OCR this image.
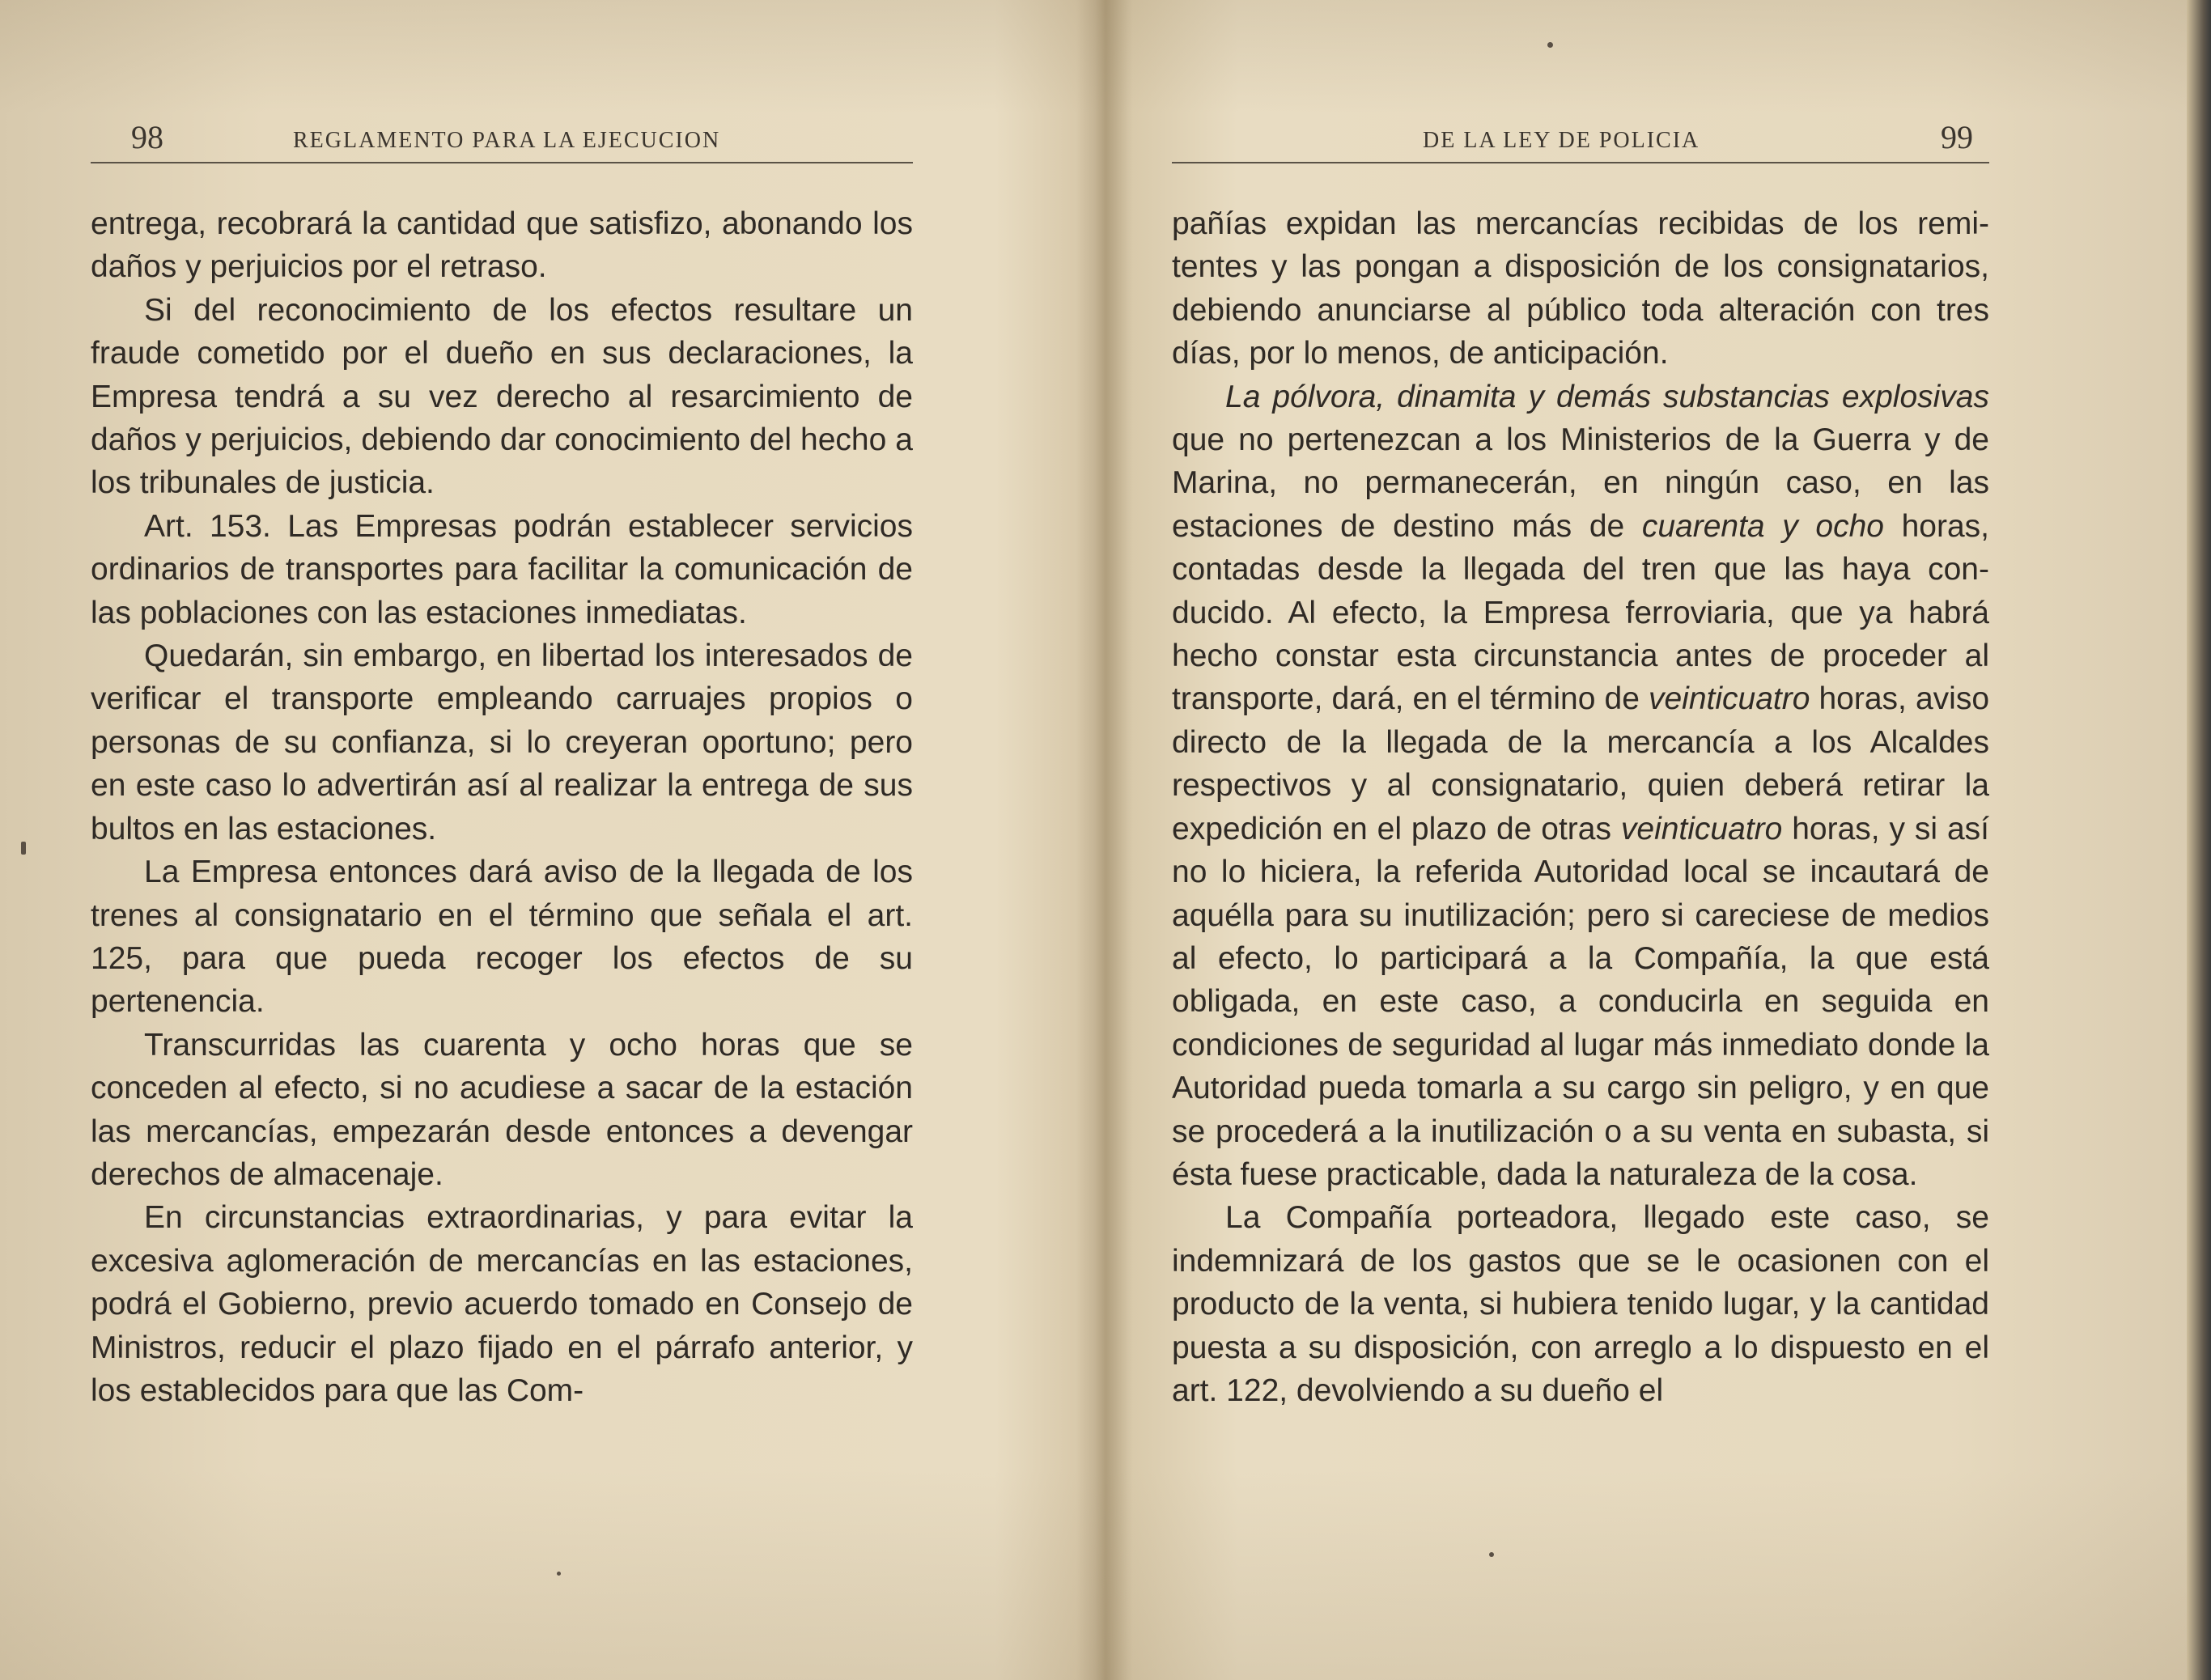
98	REGLAMENTO PARA LA EJECUCION

entrega, recobrará la cantidad que satisfizo, abonando los daños y perjuicios por el retraso.

Si del reconocimiento de los efectos resultare un fraude cometido por el dueño en sus declaraciones, la Empresa tendrá a su vez derecho al resarcimiento de daños y perjuicios, debiendo dar conocimiento del hecho a los tribunales de justicia.

Art. 153. Las Empresas podrán establecer servicios ordinarios de transportes para facilitar la comunicación de las poblaciones con las estaciones inmediatas.

Quedarán, sin embargo, en libertad los interesados de verificar el transporte empleando carruajes propios o personas de su confianza, si lo creyeran oportuno; pero en este caso lo advertirán así al realizar la entrega de sus bultos en las estaciones.

La Empresa entonces dará aviso de la llegada de los trenes al consignatario en el término que señala el art. 125, para que pueda recoger los efectos de su pertenencia.

Transcurridas las cuarenta y ocho horas que se conceden al efecto, si no acudiese a sacar de la estación las mercancías, empezarán desde entonces a devengar derechos de almacenaje.

En circunstancias extraordinarias, y para evitar la excesiva aglomeración de mercancías en las estaciones, podrá el Gobierno, previo acuerdo tomado en Consejo de Ministros, reducir el plazo fijado en el párrafo anterior, y los establecidos para que las Com-

DE LA LEY DE POLICIA	99

pañías expidan las mercancías recibidas de los remitentes y las pongan a disposición de los consignatarios, debiendo anunciarse al público toda alteración con tres días, por lo menos, de anticipación.

La pólvora, dinamita y demás substancias explosivas que no pertenezcan a los Ministerios de la Guerra y de Marina, no permanecerán, en ningún caso, en las estaciones de destino más de cuarenta y ocho horas, contadas desde la llegada del tren que las haya conducido. Al efecto, la Empresa ferroviaria, que ya habrá hecho constar esta circunstancia antes de proceder al transporte, dará, en el término de veinticuatro horas, aviso directo de la llegada de la mercancía a los Alcaldes respectivos y al consignatario, quien deberá retirar la expedición en el plazo de otras veinticuatro horas, y si así no lo hiciera, la referida Autoridad local se incautará de aquélla para su inutilización; pero si careciese de medios al efecto, lo participará a la Compañía, la que está obligada, en este caso, a conducirla en seguida en condiciones de seguridad al lugar más inmediato donde la Autoridad pueda tomarla a su cargo sin peligro, y en que se procederá a la inutilización o a su venta en subasta, si ésta fuese practicable, dada la naturaleza de la cosa.

La Compañía porteadora, llegado este caso, se indemnizará de los gastos que se le ocasionen con el producto de la venta, si hubiera tenido lugar, y la cantidad puesta a su disposición, con arreglo a lo dispuesto en el art. 122, devolviendo a su dueño el
